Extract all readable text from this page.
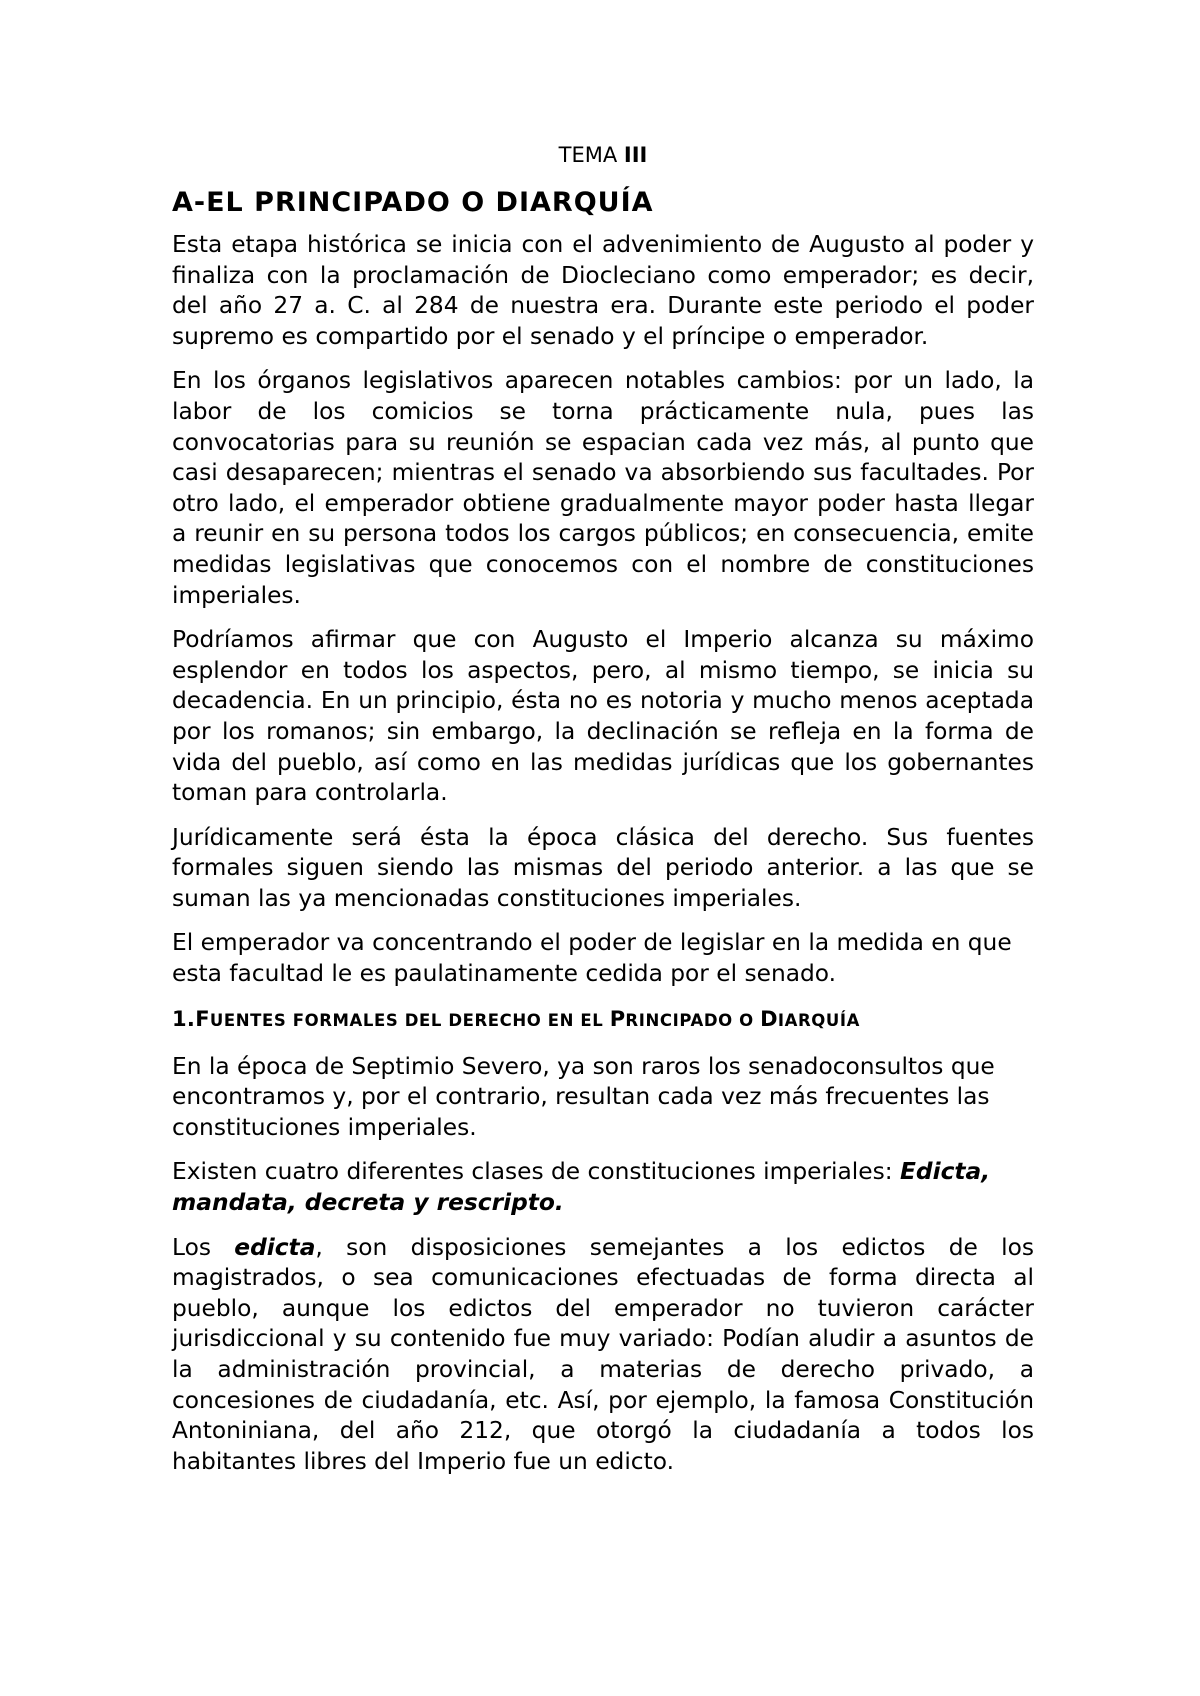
TEMA III
A-EL PRINCIPADO O DIARQUÍA

Esta etapa histórica se inicia con el advenimiento de Augusto al poder y finaliza con la proclamación de Diocleciano como emperador; es decir, del año 27 a. C. al 284 de nuestra era. Durante este periodo el poder supremo es compartido por el senado y el príncipe o emperador.

En los órganos legislativos aparecen notables cambios: por un lado, la labor de los comicios se torna prácticamente nula, pues las convocatorias para su reunión se espacian cada vez más, al punto que casi desaparecen; mientras el senado va absorbiendo sus facultades. Por otro lado, el emperador obtiene gradualmente mayor poder hasta llegar a reunir en su persona todos los cargos públicos; en consecuencia, emite medidas legislativas que conocemos con el nombre de constituciones imperiales.

Podríamos afirmar que con Augusto el Imperio alcanza su máximo esplendor en todos los aspectos, pero, al mismo tiempo, se inicia su decadencia. En un principio, ésta no es notoria y mucho menos aceptada por los romanos; sin embargo, la declinación se refleja en la forma de vida del pueblo, así como en las medidas jurídicas que los gobernantes toman para controlarla.

Jurídicamente será ésta la época clásica del derecho. Sus fuentes formales siguen siendo las mismas del periodo anterior. a las que se suman las ya mencionadas constituciones imperiales.

El emperador va concentrando el poder de legislar en la medida en que esta facultad le es paulatinamente cedida por el senado.

1.FUENTES FORMALES DEL DERECHO EN EL PRINCIPADO O DIARQUÍA

En la época de Septimio Severo, ya son raros los senadoconsultos que encontramos y, por el contrario, resultan cada vez más frecuentes las constituciones imperiales.

Existen cuatro diferentes clases de constituciones imperiales: Edicta, mandata, decreta y rescripto.

Los edicta, son disposiciones semejantes a los edictos de los magistrados, o sea comunicaciones efectuadas de forma directa al pueblo, aunque los edictos del emperador no tuvieron carácter jurisdiccional y su contenido fue muy variado: Podían aludir a asuntos de la administración provincial, a materias de derecho privado, a concesiones de ciudadanía, etc. Así, por ejemplo, la famosa Constitución Antoniniana, del año 212, que otorgó la ciudadanía a todos los habitantes libres del Imperio fue un edicto.
